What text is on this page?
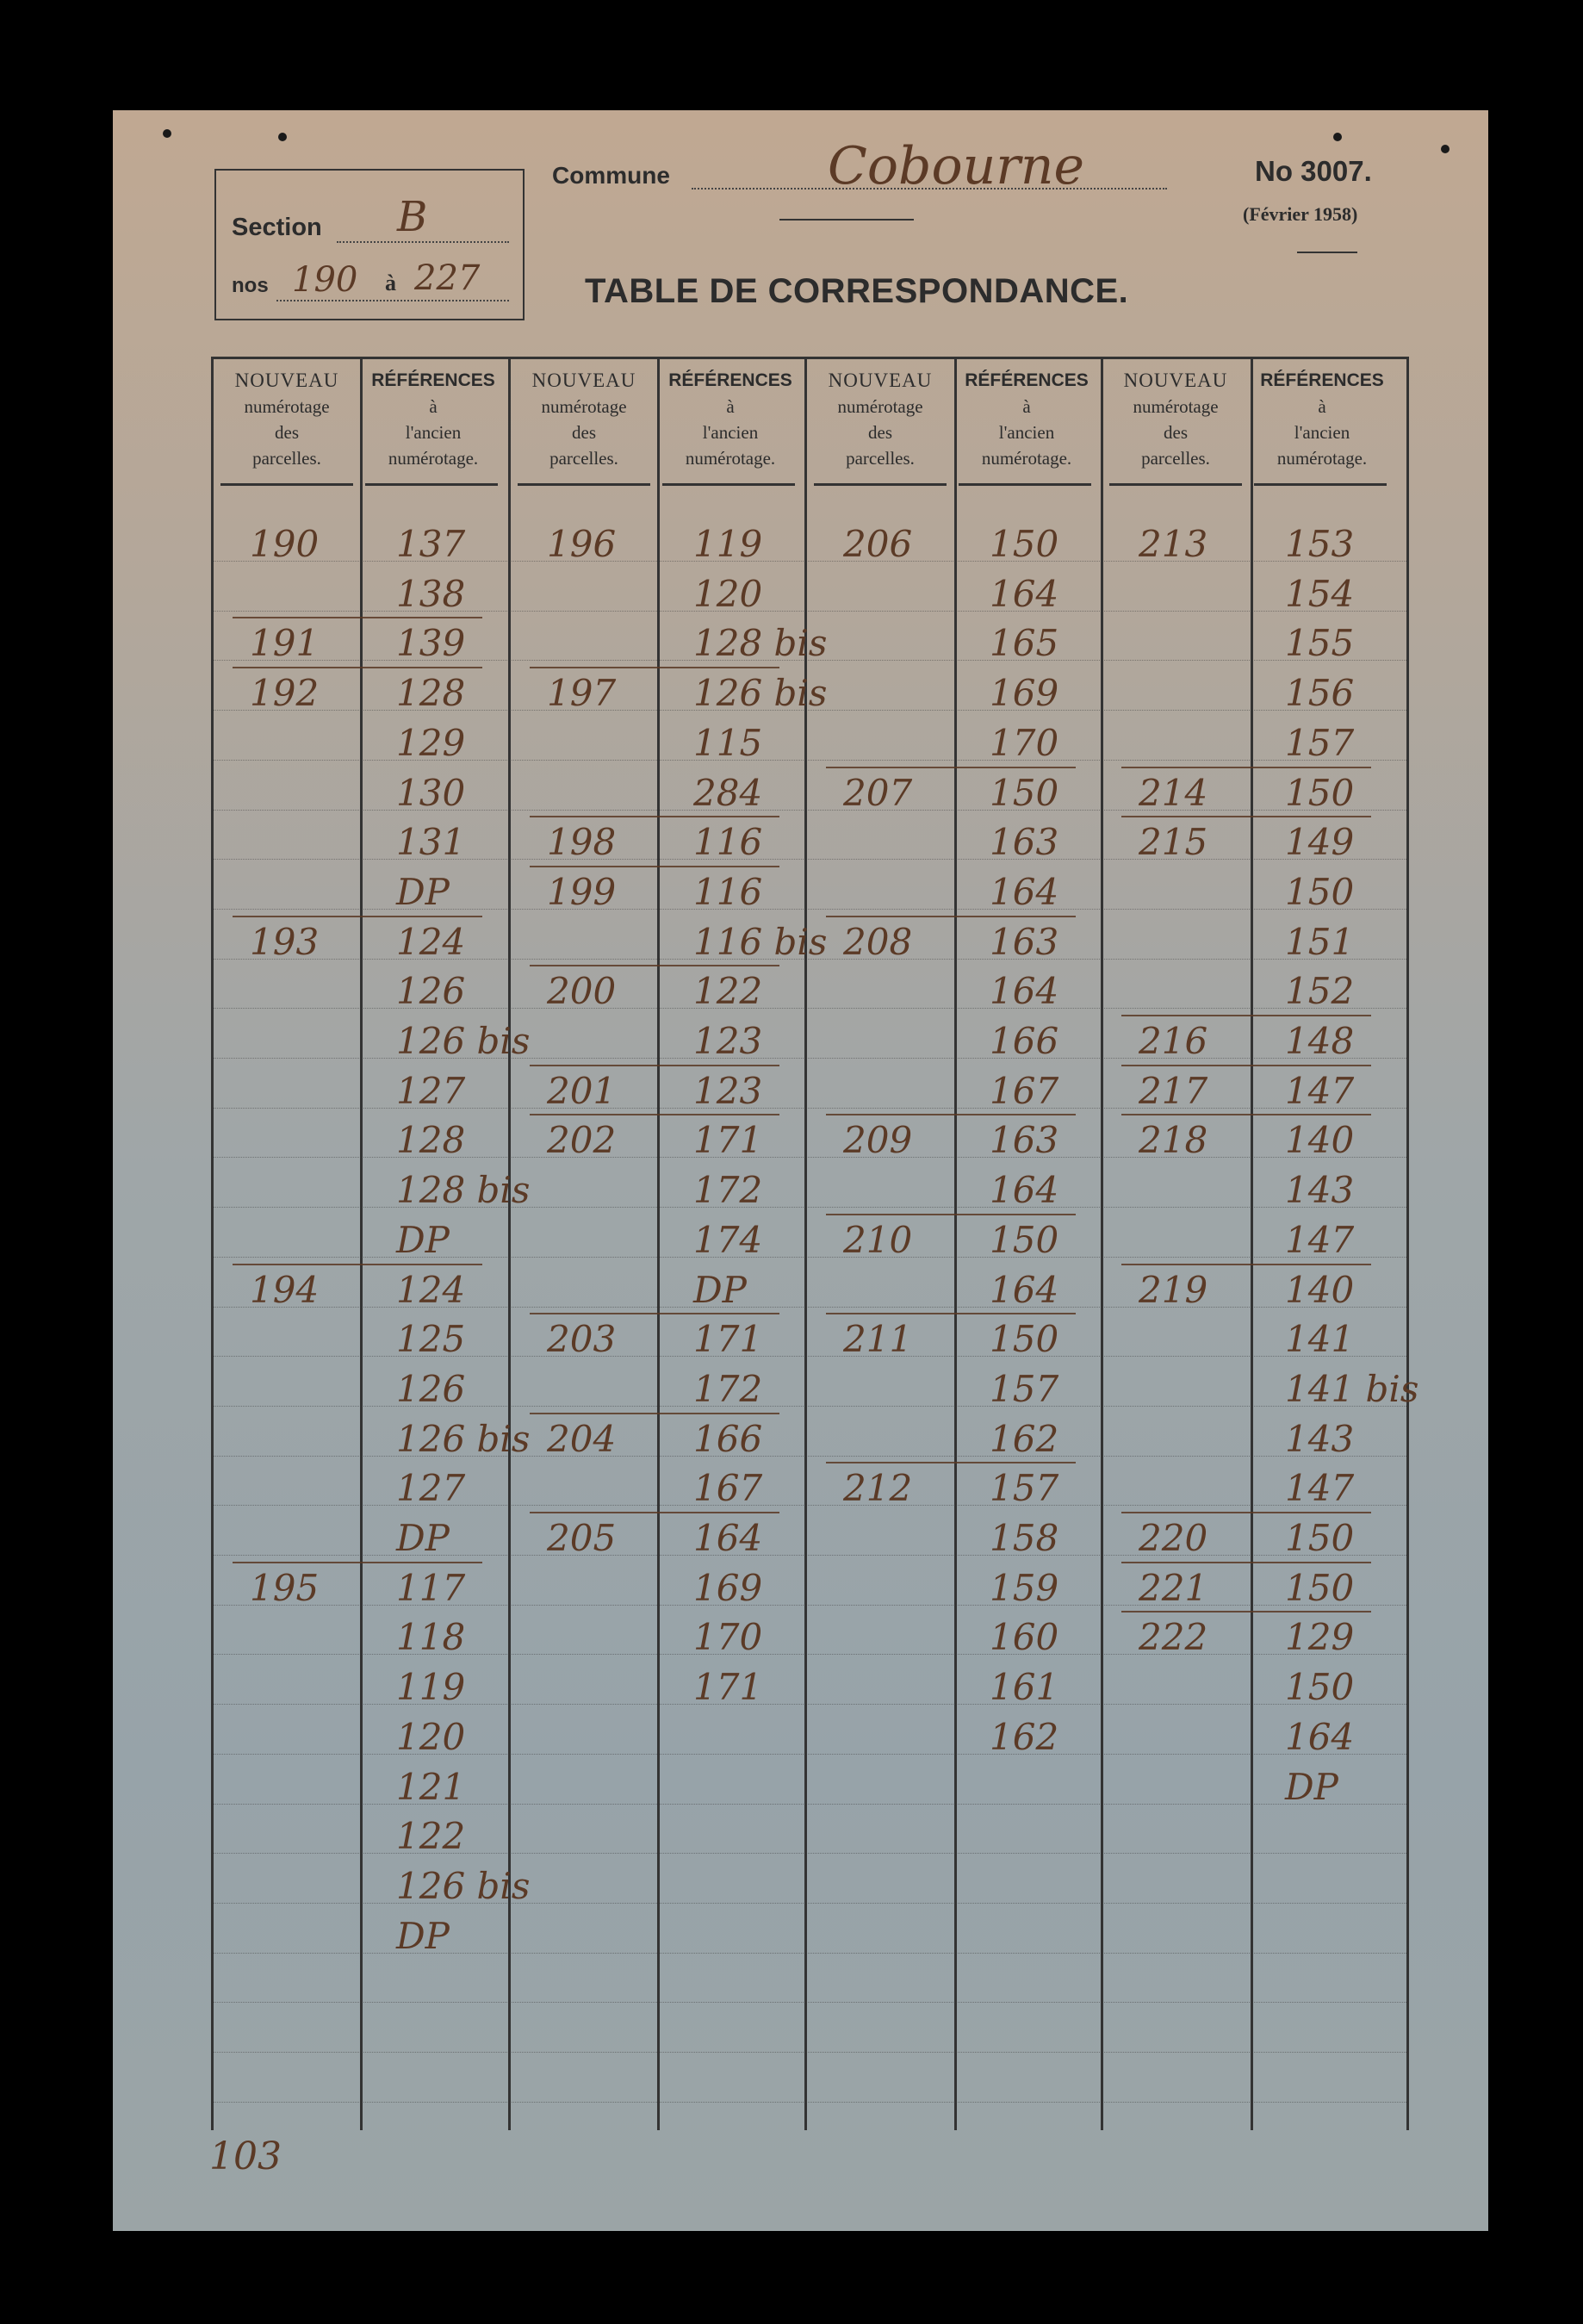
Section B
nos 190 à 227
Commune	Cobourne	No 3007.
(Février 1958)
TABLE DE CORRESPONDANCE.
NOUVEAU
numérotage
des
parcelles.
RÉFÉRENCES
à
l'ancien
numérotage.
NOUVEAU
numérotage
des
parcelles.
RÉFÉRENCES
à
l'ancien
numérotage.
NOUVEAU
numérotage
des
parcelles.
RÉFÉRENCES
à
l'ancien
numérotage.
NOUVEAU
numérotage
des
parcelles.
RÉFÉRENCES
à
l'ancien
numérotage.
190 137
138
191 139
192 128
129
130
131
DP
193 124
126
126 bis
127
128
128 bis
DP
194 124
125
126
126 bis
127
DP
195 117
118
119
120
121
122
126 bis
DP
196 119
120
128 bis
197 126 bis
115
284
198 116
199 116
116 bis
200 122
123
201 123
202 171
172
174
DP
203 171
172
204 166
167
205 164
169
170
171
206 150
164
165
169
170
207 150
163
164
208 163
164
166
167
209 163
164
210 150
164
211 150
157
162
212 157
158
159
160
161
162
213 153
154
155
156
157
214 150
215 149
150
151
152
216 148
217 147
218 140
143
147
219 140
141
141 bis
143
147
220 150
221 150
222 129
150
164
DP
103
